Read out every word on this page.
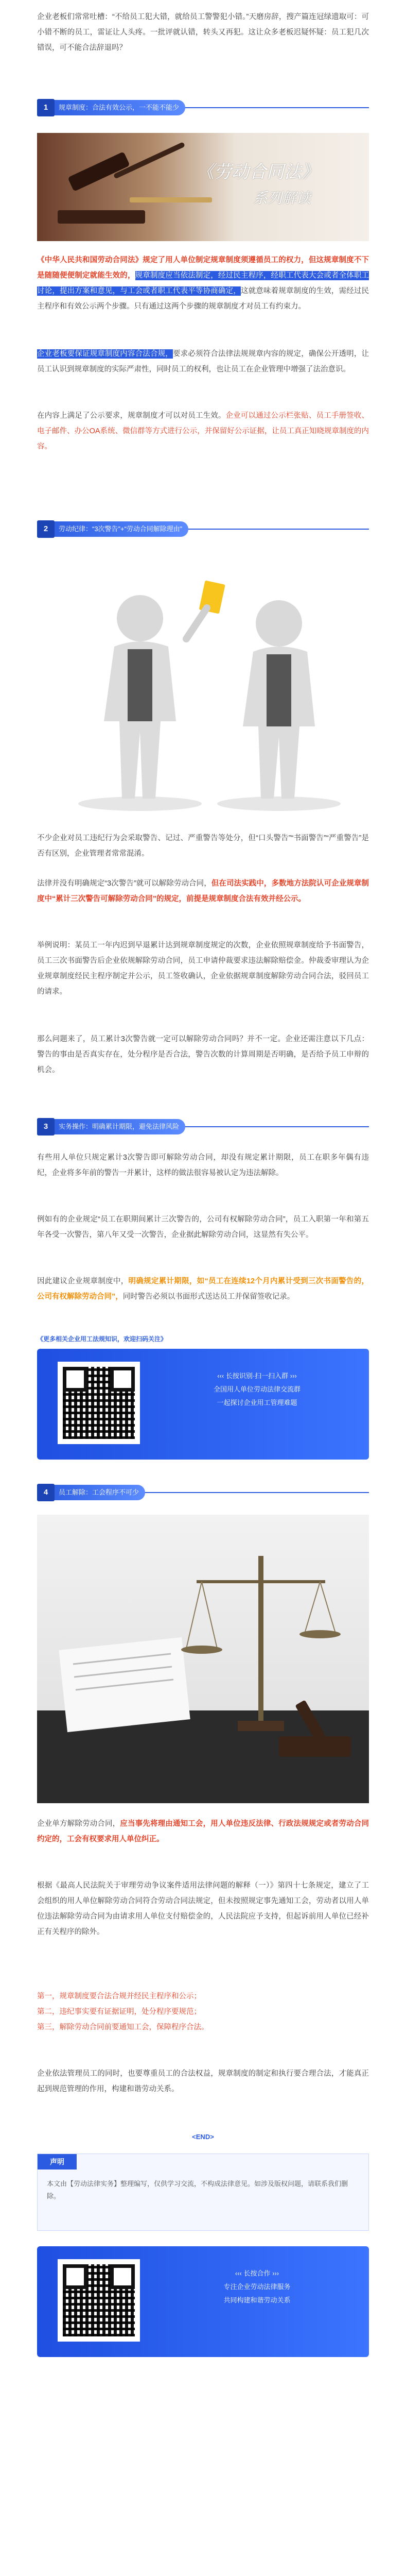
企业老板们常常吐槽：“不给员工犯大错，就给员工警警犯小错。”天磨房辞，搜产篇连冠绿遗取可：可小错不断的员工，雷证让人头疼。一批评就认错，转头又再犯。这让众多老板迟疑怀疑：员工犯几次错误，可不能合法辞退吗？

规章制度：合法有效公示，一不能不能少
1
《劳动合同法》
系列解读

《中华人民共和国劳动合同法》规定了用人单位制定规章制度须遵循员工的权力，但这规章制度不下是随随便便制定就能生效的，规章制度应当依法制定，经过民主程序，经职工代表大会或者全体职工讨论，提出方案和意见，与工会或者职工代表平等协商确定，这就意味着规章制度的生效，需经过民主程序和有效公示两个步骤。只有通过这两个步骤的规章制度才对员工有约束力。

企业老板要保证规章制度内容合法合规，要求必须符合法律法规规章内容的规定，确保公开透明，让员工认识到规章制度的实际严肃性，同时员工的权利，也让员工在企业管理中增强了法治意识。

在内容上满足了公示要求，规章制度才可以对员工生效。企业可以通过公示栏张贴、员工手册签收、电子邮件、办公OA系统、微信群等方式进行公示，并保留好公示证据，让员工真正知晓规章制度的内容。

劳动纪律：“3次警告”+“劳动合同解除理由”
2

不少企业对员工违纪行为会采取警告、记过、严重警告等处分，但“口头警告”“书面警告”“严重警告”是否有区别，企业管理者常常混淆。

法律并没有明确规定“3次警告”就可以解除劳动合同，但在司法实践中，多数地方法院认可企业规章制度中“累计三次警告可解除劳动合同”的规定，前提是规章制度合法有效并经公示。

举例说明：某员工一年内迟到早退累计达到规章制度规定的次数，企业依照规章制度给予书面警告，员工三次书面警告后企业依规解除劳动合同，员工申请仲裁要求违法解除赔偿金。仲裁委审理认为企业规章制度经民主程序制定并公示，员工签收确认，企业依据规章制度解除劳动合同合法，驳回员工的请求。

那么问题来了，员工累计3次警告就一定可以解除劳动合同吗？并不一定。企业还需注意以下几点：警告的事由是否真实存在，处分程序是否合法，警告次数的计算周期是否明确，是否给予员工申辩的机会。

实务操作：明确累计期限，避免法律风险
3

有些用人单位只规定累计3次警告即可解除劳动合同，却没有规定累计期限，员工在职多年偶有违纪，企业将多年前的警告一并累计，这样的做法很容易被认定为违法解除。

例如有的企业规定“员工在职期间累计三次警告的，公司有权解除劳动合同”，员工入职第一年和第五年各受一次警告，第八年又受一次警告，企业据此解除劳动合同，这显然有失公平。

因此建议企业规章制度中，明确规定累计期限，如“员工在连续12个月内累计受到三次书面警告的，公司有权解除劳动合同”，同时警告必须以书面形式送达员工并保留签收记录。

《更多相关企业用工法规知识，欢迎扫码关注》
‹‹‹ 长按识别·扫一扫入群 ›››
全国用人单位劳动法律交流群
一起探讨企业用工管理难题
员工解除：工会程序不可少
4

企业单方解除劳动合同，应当事先将理由通知工会，用人单位违反法律、行政法规规定或者劳动合同约定的，工会有权要求用人单位纠正。

根据《最高人民法院关于审理劳动争议案件适用法律问题的解释（一）》第四十七条规定，建立了工会组织的用人单位解除劳动合同符合劳动合同法规定，但未按照规定事先通知工会，劳动者以用人单位违法解除劳动合同为由请求用人单位支付赔偿金的，人民法院应予支持，但起诉前用人单位已经补正有关程序的除外。

第一，规章制度要合法合规并经民主程序和公示；
第二，违纪事实要有证据证明，处分程序要规范；
第三，解除劳动合同前要通知工会，保障程序合法。

企业依法管理员工的同时，也要尊重员工的合法权益，规章制度的制定和执行要合理合法，才能真正起到规范管理的作用，构建和谐劳动关系。

<END>
声明

本文由【劳动法律实务】整理编写，仅供学习交流，不构成法律意见。如涉及版权问题，请联系我们删除。

‹‹‹ 长按合作 ›››
专注企业劳动法律服务
共同构建和谐劳动关系
